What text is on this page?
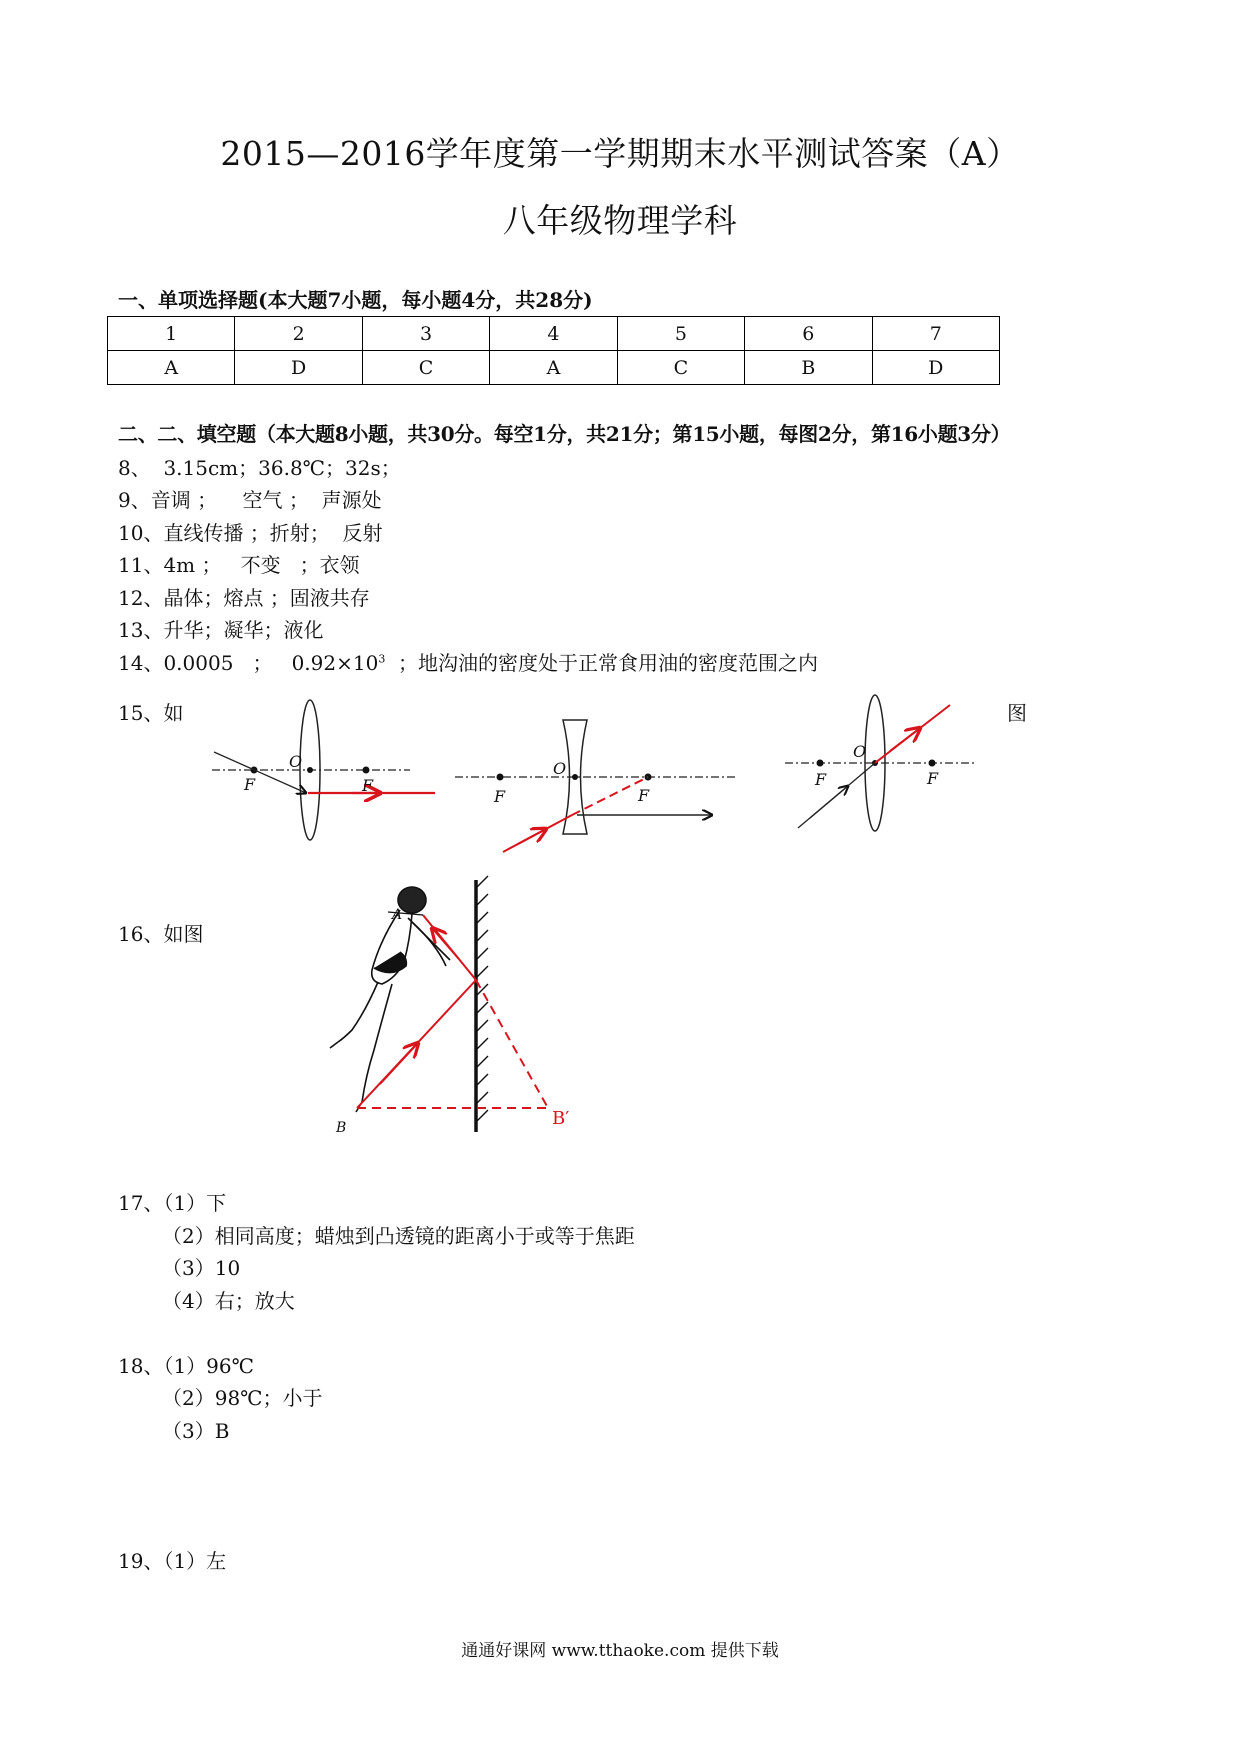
2015—2016学年度第一学期期末水平测试答案（A）
八年级物理学科
一、单项选择题(本大题7小题，每小题4分，共28分)
1	2	3	4	5	6	7
A	D	C	A	C	B	D
二、二、填空题（本大题8小题，共30分。每空1分，共21分；第15小题，每图2分，第16小题3分）
8、  3.15cm；36.8℃；32s；
9、音调 ；    空气 ；  声源处
10、直线传播 ；折射；  反射
11、4m ；   不变   ；衣领
12、晶体；熔点 ；固液共存
13、升华；凝华；液化
14、0.0005   ；   $0.92\times 10^3$  ；地沟油的密度处于正常食用油的密度范围之内
15、如	图
F
O
F
F
O
F
F
O
F
16、如图
A
B	B′
17、（1）下
（2）相同高度；蜡烛到凸透镜的距离小于或等于焦距
（3）10
（4）右；放大
18、（1）96℃
（2）98℃；小于
（3）B
19、（1）左
通通好课网 www.tthaoke.com 提供下载
